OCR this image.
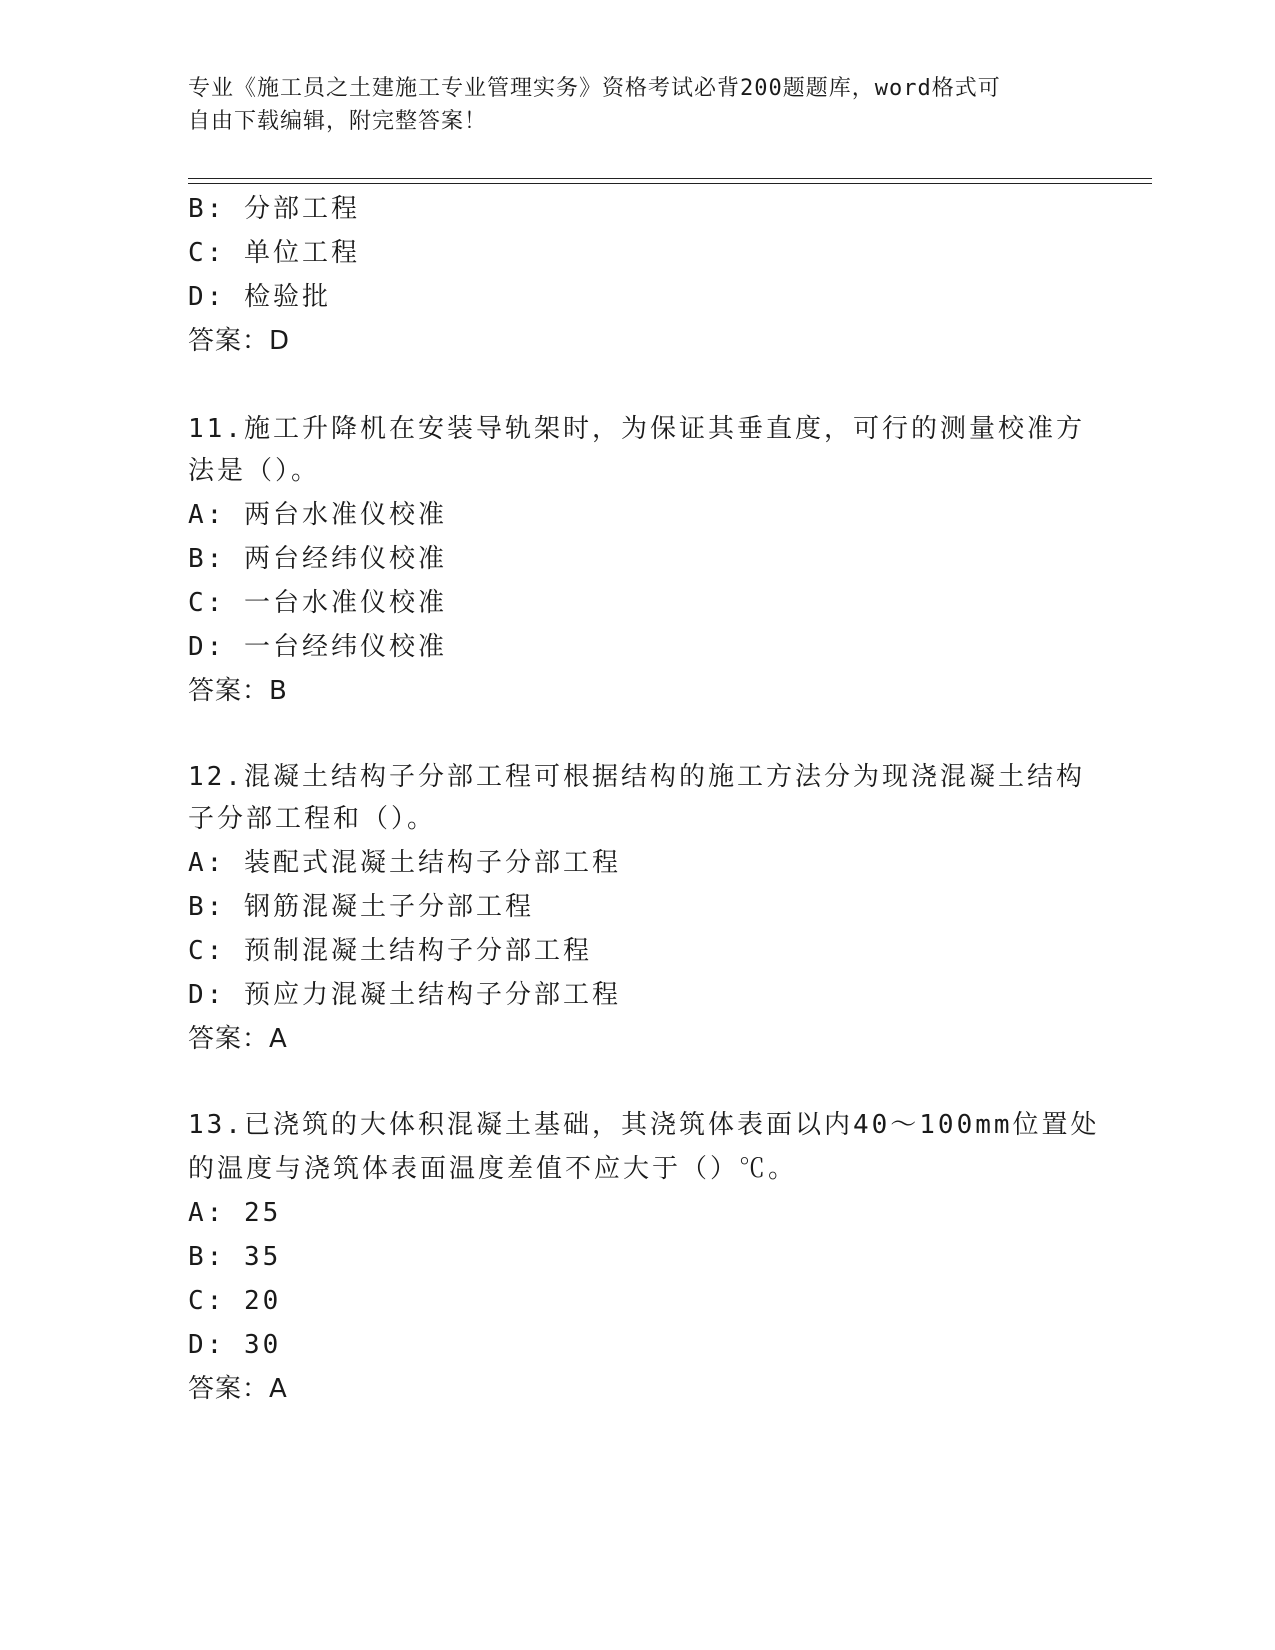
专业《施工员之土建施工专业管理实务》资格考试必背200题题库，word格式可
自由下载编辑，附完整答案！
B: 分部工程
C: 单位工程
D: 检验批
答案：D
11.施工升降机在安装导轨架时，为保证其垂直度，可行的测量校准方
法是（）。
A: 两台水准仪校准
B: 两台经纬仪校准
C: 一台水准仪校准
D: 一台经纬仪校准
答案：B
12.混凝土结构子分部工程可根据结构的施工方法分为现浇混凝土结构
子分部工程和（）。
A: 装配式混凝土结构子分部工程
B: 钢筋混凝土子分部工程
C: 预制混凝土结构子分部工程
D: 预应力混凝土结构子分部工程
答案：A
13.已浇筑的大体积混凝土基础，其浇筑体表面以内40～100mm位置处
的温度与浇筑体表面温度差值不应大于（）℃。
A: 25
B: 35
C: 20
D: 30
答案：A
